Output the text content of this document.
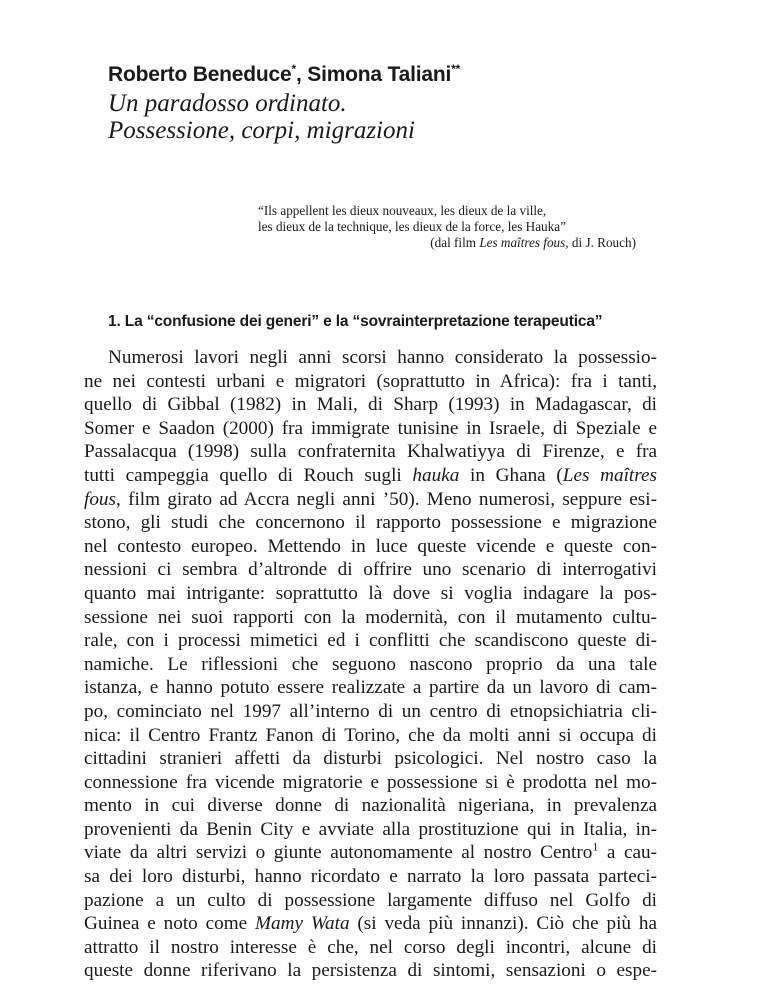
Roberto Beneduce*, Simona Taliani**
Un paradosso ordinato.
Possessione, corpi, migrazioni
“Ils appellent les dieux nouveaux, les dieux de la ville,
les dieux de la technique, les dieux de la force, les Hauka”
(dal film Les maîtres fous, di J. Rouch)
1. La “confusione dei generi” e la “sovrainterpretazione terapeutica”
Numerosi lavori negli anni scorsi hanno considerato la possessio-
ne nei contesti urbani e migratori (soprattutto in Africa): fra i tanti,
quello di Gibbal (1982) in Mali, di Sharp (1993) in Madagascar, di
Somer e Saadon (2000) fra immigrate tunisine in Israele, di Speziale e
Passalacqua (1998) sulla confraternita Khalwatiyya di Firenze, e fra
tutti campeggia quello di Rouch sugli hauka in Ghana (Les maîtres
fous, film girato ad Accra negli anni ’50). Meno numerosi, seppure esi-
stono, gli studi che concernono il rapporto possessione e migrazione
nel contesto europeo. Mettendo in luce queste vicende e queste con-
nessioni ci sembra d’altronde di offrire uno scenario di interrogativi
quanto mai intrigante: soprattutto là dove si voglia indagare la pos-
sessione nei suoi rapporti con la modernità, con il mutamento cultu-
rale, con i processi mimetici ed i conflitti che scandiscono queste di-
namiche. Le riflessioni che seguono nascono proprio da una tale
istanza, e hanno potuto essere realizzate a partire da un lavoro di cam-
po, cominciato nel 1997 all’interno di un centro di etnopsichiatria cli-
nica: il Centro Frantz Fanon di Torino, che da molti anni si occupa di
cittadini stranieri affetti da disturbi psicologici. Nel nostro caso la
connessione fra vicende migratorie e possessione si è prodotta nel mo-
mento in cui diverse donne di nazionalità nigeriana, in prevalenza
provenienti da Benin City e avviate alla prostituzione qui in Italia, in-
viate da altri servizi o giunte autonomamente al nostro Centro$^1$ a cau-
sa dei loro disturbi, hanno ricordato e narrato la loro passata parteci-
pazione a un culto di possessione largamente diffuso nel Golfo di
Guinea e noto come Mamy Wata (si veda più innanzi). Ciò che più ha
attratto il nostro interesse è che, nel corso degli incontri, alcune di
queste donne riferivano la persistenza di sintomi, sensazioni o espe-
